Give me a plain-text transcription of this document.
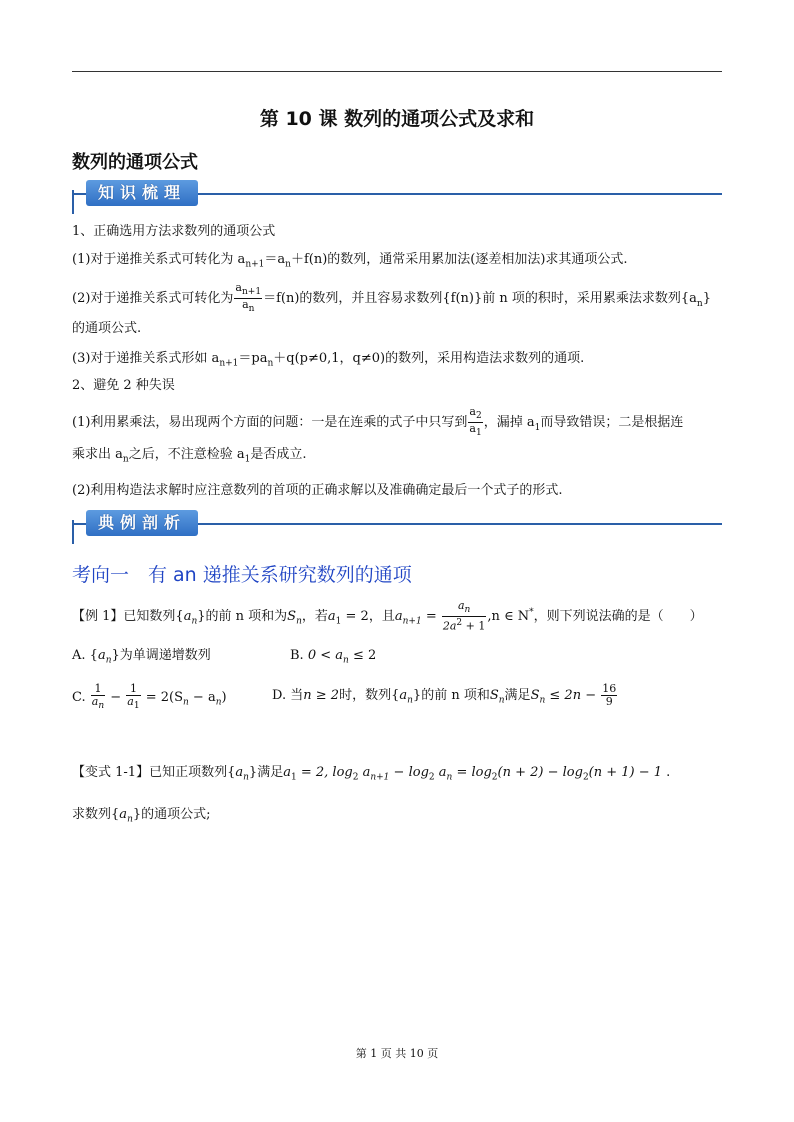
第 10 课 数列的通项公式及求和
数列的通项公式
知识梳理
1、正确选用方法求数列的通项公式
(1)对于递推关系式可转化为 $a_{n+1}=a_n+f(n)$的数列，通常采用累加法(逐差相加法)求其通项公式.
(2)对于递推关系式可转化为 $\frac{a_{n+1}}{a_n} =f(n)$的数列，并且容易求数列{f(n)}前 n 项的积时，采用累乘法求数列$\{a_n\}$
的通项公式.
(3)对于递推关系式形如 $a_{n+1}=pa_n+q(p\ne 0,1$，q≠0)的数列，采用构造法求数列的通项.
2、避免 2 种失误
(1)利用累乘法，易出现两个方面的问题：一是在连乘的式子中只写到 $\frac{a_2}{a_1}$ ，漏掉 $a_1$而导致错误；二是根据连
乘求出 $a_n$之后，不注意检验 $a_1$是否成立.
(2)利用构造法求解时应注意数列的首项的正确求解以及准确确定最后一个式子的形式.
典例剖析
考向一　有 an 递推关系研究数列的通项
【例 1】已知数列$\{a_n\}$的前 n 项和为$S_n$，若$a_1 = 2$，且$a_{n+1} = \frac{a_n}{2a^2 + 1} ,n$ ∈ N*，则下列说法确的是（　　）
A. $\{a_n\}$为单调递增数列	B. $0 < a_n \le 2$
C. $\frac{1}{a_n} - \frac{1}{a_1} = 2(S_n - a_n)$	D. 当n ≥ 2时，数列$\{a_n\}$的前 n 项和$S_n$满足$S_n \le 2n - \frac{16}{9}$
【变式 1-1】已知正项数列$\{a_n\}$满足$a_1 = 2$, $\log_2 a_{n+1} - \log_2 a_n = \log_2(n + 2) - \log_2(n + 1) - 1$ .
求数列$\{a_n\}$的通项公式;
第 1 页 共 10 页
